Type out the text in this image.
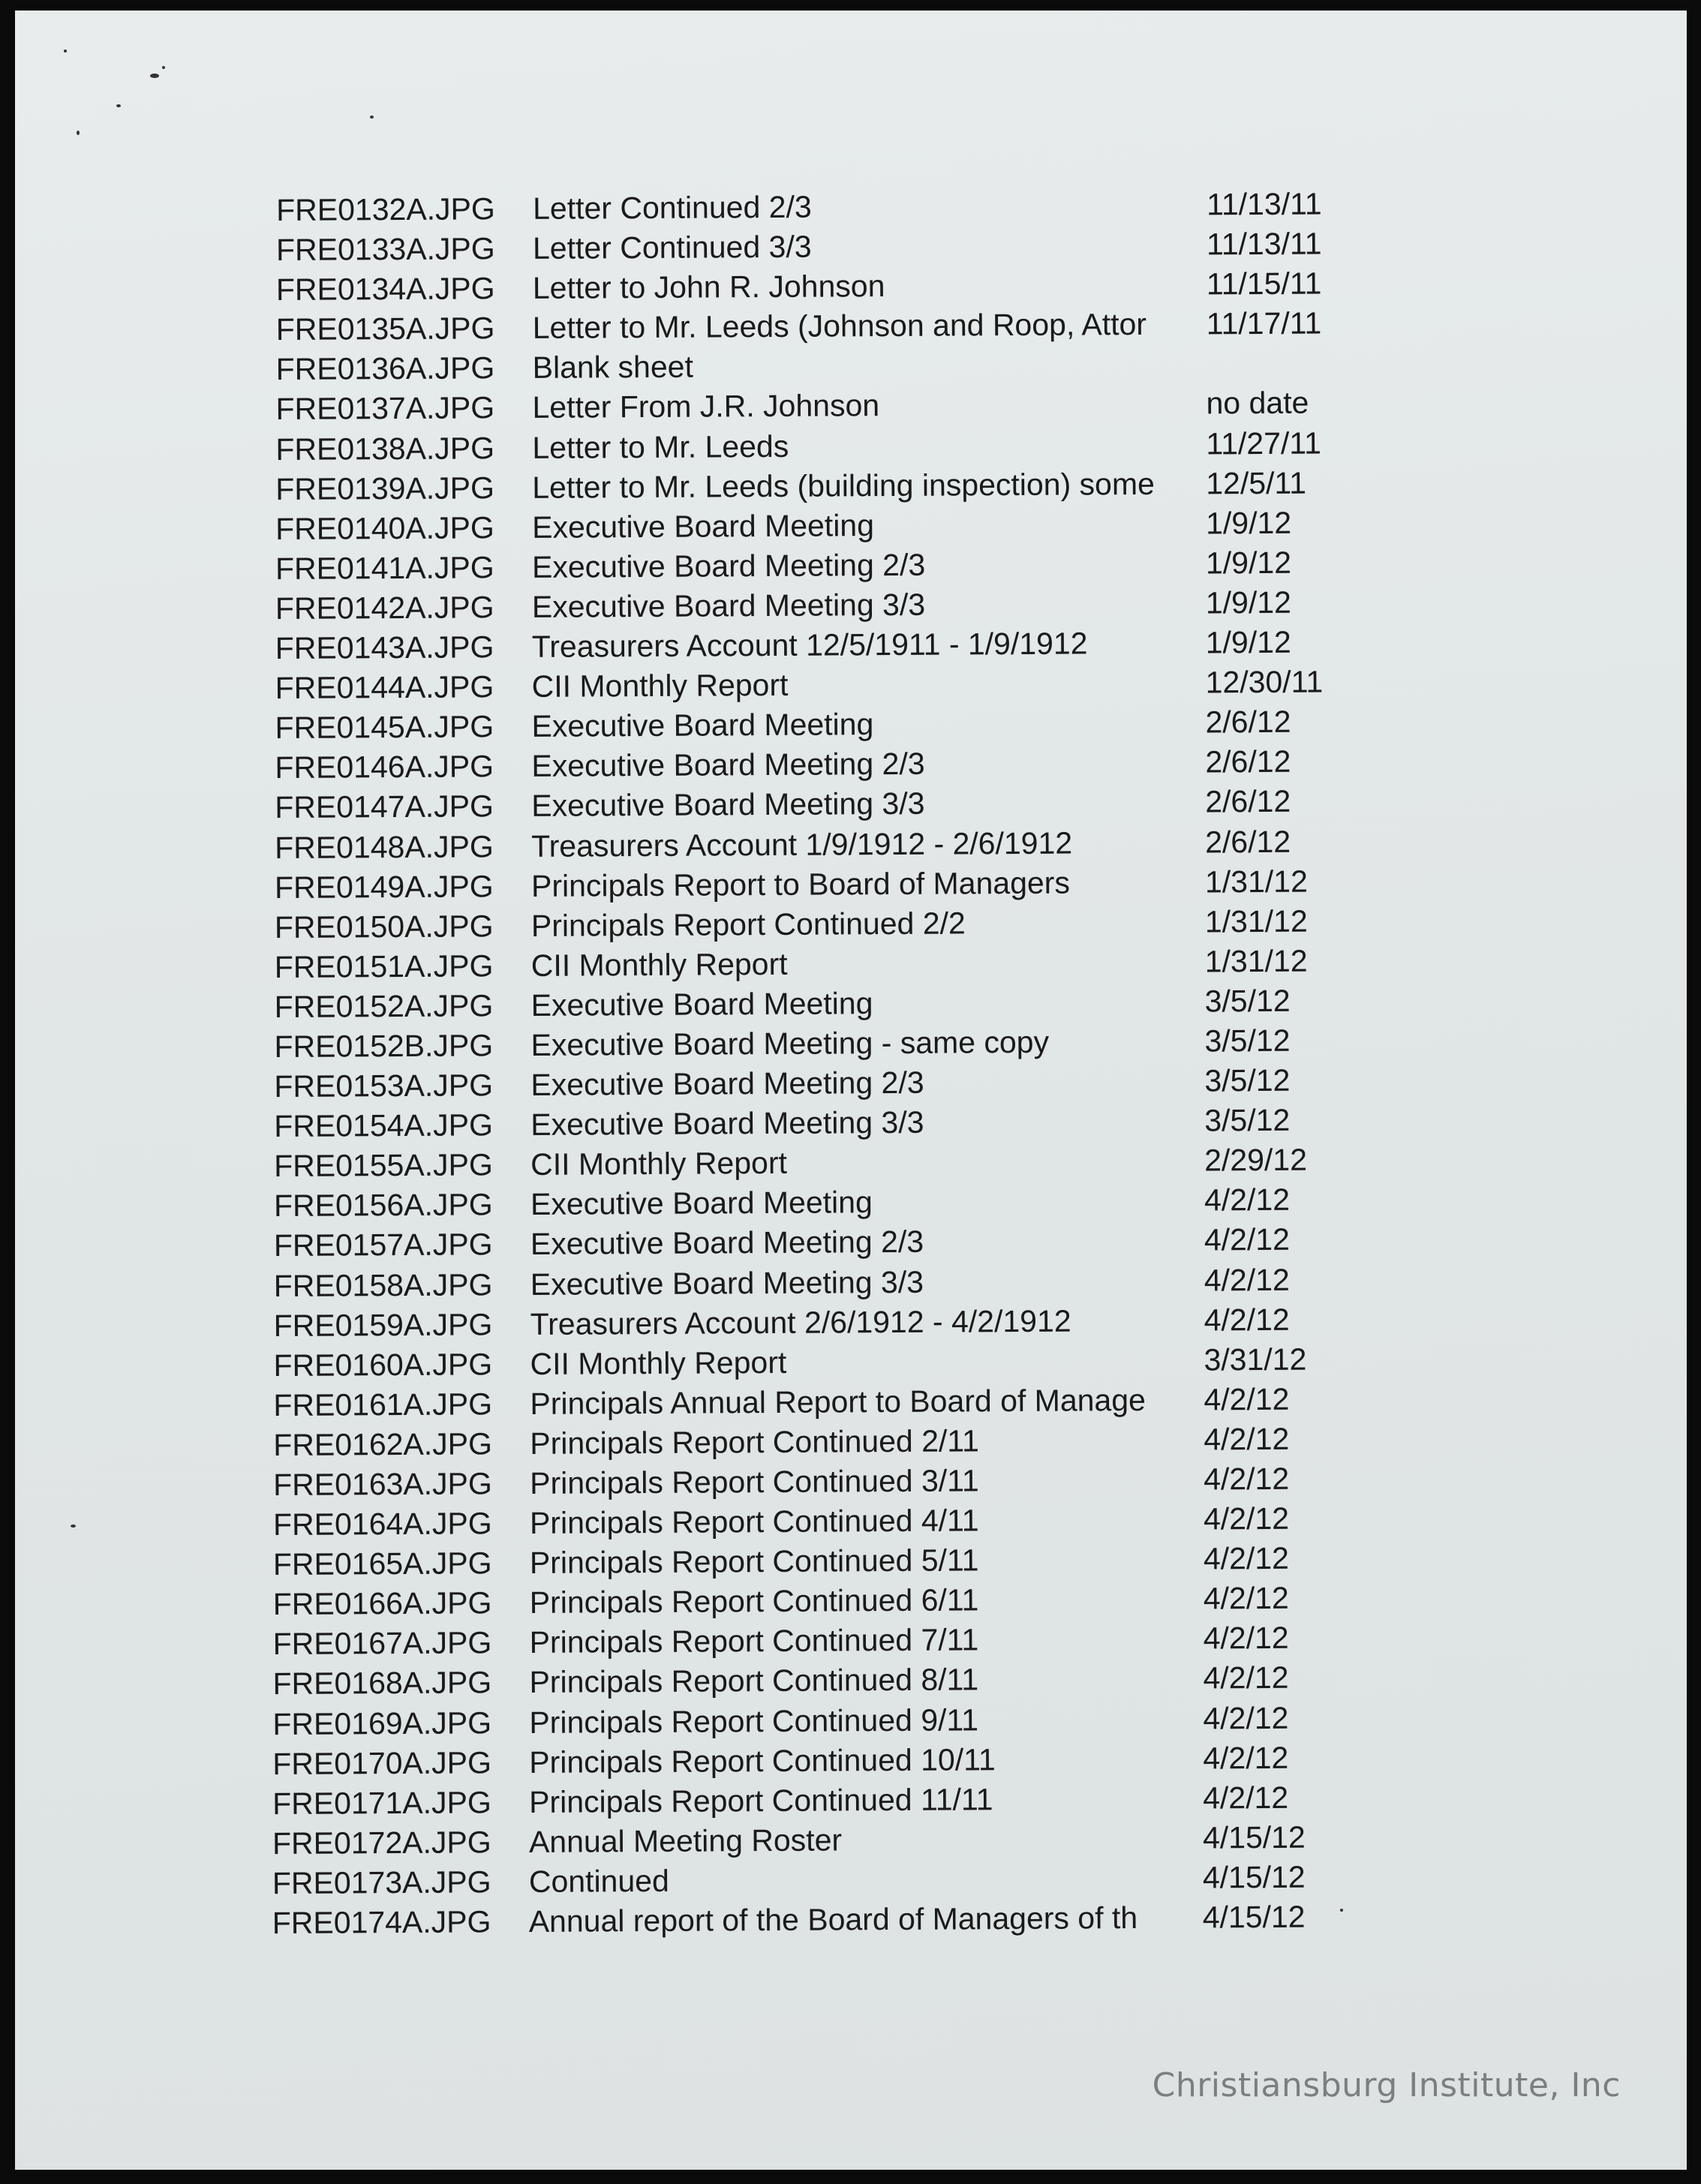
FRE0132A.JPG	Letter Continued 2/3	11/13/11
FRE0133A.JPG	Letter Continued 3/3	11/13/11
FRE0134A.JPG	Letter to John R. Johnson	11/15/11
FRE0135A.JPG	Letter to Mr. Leeds (Johnson and Roop, Attor	11/17/11
FRE0136A.JPG	Blank sheet
FRE0137A.JPG	Letter From J.R. Johnson	no date
FRE0138A.JPG	Letter to Mr. Leeds	11/27/11
FRE0139A.JPG	Letter to Mr. Leeds (building inspection) some	12/5/11
FRE0140A.JPG	Executive Board Meeting	1/9/12
FRE0141A.JPG	Executive Board Meeting 2/3	1/9/12
FRE0142A.JPG	Executive Board Meeting 3/3	1/9/12
FRE0143A.JPG	Treasurers Account 12/5/1911 - 1/9/1912	1/9/12
FRE0144A.JPG	CII Monthly Report	12/30/11
FRE0145A.JPG	Executive Board Meeting	2/6/12
FRE0146A.JPG	Executive Board Meeting 2/3	2/6/12
FRE0147A.JPG	Executive Board Meeting 3/3	2/6/12
FRE0148A.JPG	Treasurers Account 1/9/1912 - 2/6/1912	2/6/12
FRE0149A.JPG	Principals Report to Board of Managers	1/31/12
FRE0150A.JPG	Principals Report Continued 2/2	1/31/12
FRE0151A.JPG	CII Monthly Report	1/31/12
FRE0152A.JPG	Executive Board Meeting	3/5/12
FRE0152B.JPG	Executive Board Meeting - same copy	3/5/12
FRE0153A.JPG	Executive Board Meeting 2/3	3/5/12
FRE0154A.JPG	Executive Board Meeting 3/3	3/5/12
FRE0155A.JPG	CII Monthly Report	2/29/12
FRE0156A.JPG	Executive Board Meeting	4/2/12
FRE0157A.JPG	Executive Board Meeting 2/3	4/2/12
FRE0158A.JPG	Executive Board Meeting 3/3	4/2/12
FRE0159A.JPG	Treasurers Account 2/6/1912 - 4/2/1912	4/2/12
FRE0160A.JPG	CII Monthly Report	3/31/12
FRE0161A.JPG	Principals Annual Report to Board of Manage	4/2/12
FRE0162A.JPG	Principals Report Continued 2/11	4/2/12
FRE0163A.JPG	Principals Report Continued 3/11	4/2/12
FRE0164A.JPG	Principals Report Continued 4/11	4/2/12
FRE0165A.JPG	Principals Report Continued 5/11	4/2/12
FRE0166A.JPG	Principals Report Continued 6/11	4/2/12
FRE0167A.JPG	Principals Report Continued 7/11	4/2/12
FRE0168A.JPG	Principals Report Continued 8/11	4/2/12
FRE0169A.JPG	Principals Report Continued 9/11	4/2/12
FRE0170A.JPG	Principals Report Continued 10/11	4/2/12
FRE0171A.JPG	Principals Report Continued 11/11	4/2/12
FRE0172A.JPG	Annual Meeting Roster	4/15/12
FRE0173A.JPG	Continued	4/15/12
FRE0174A.JPG	Annual report of the Board of Managers of th	4/15/12
Christiansburg Institute, Inc
